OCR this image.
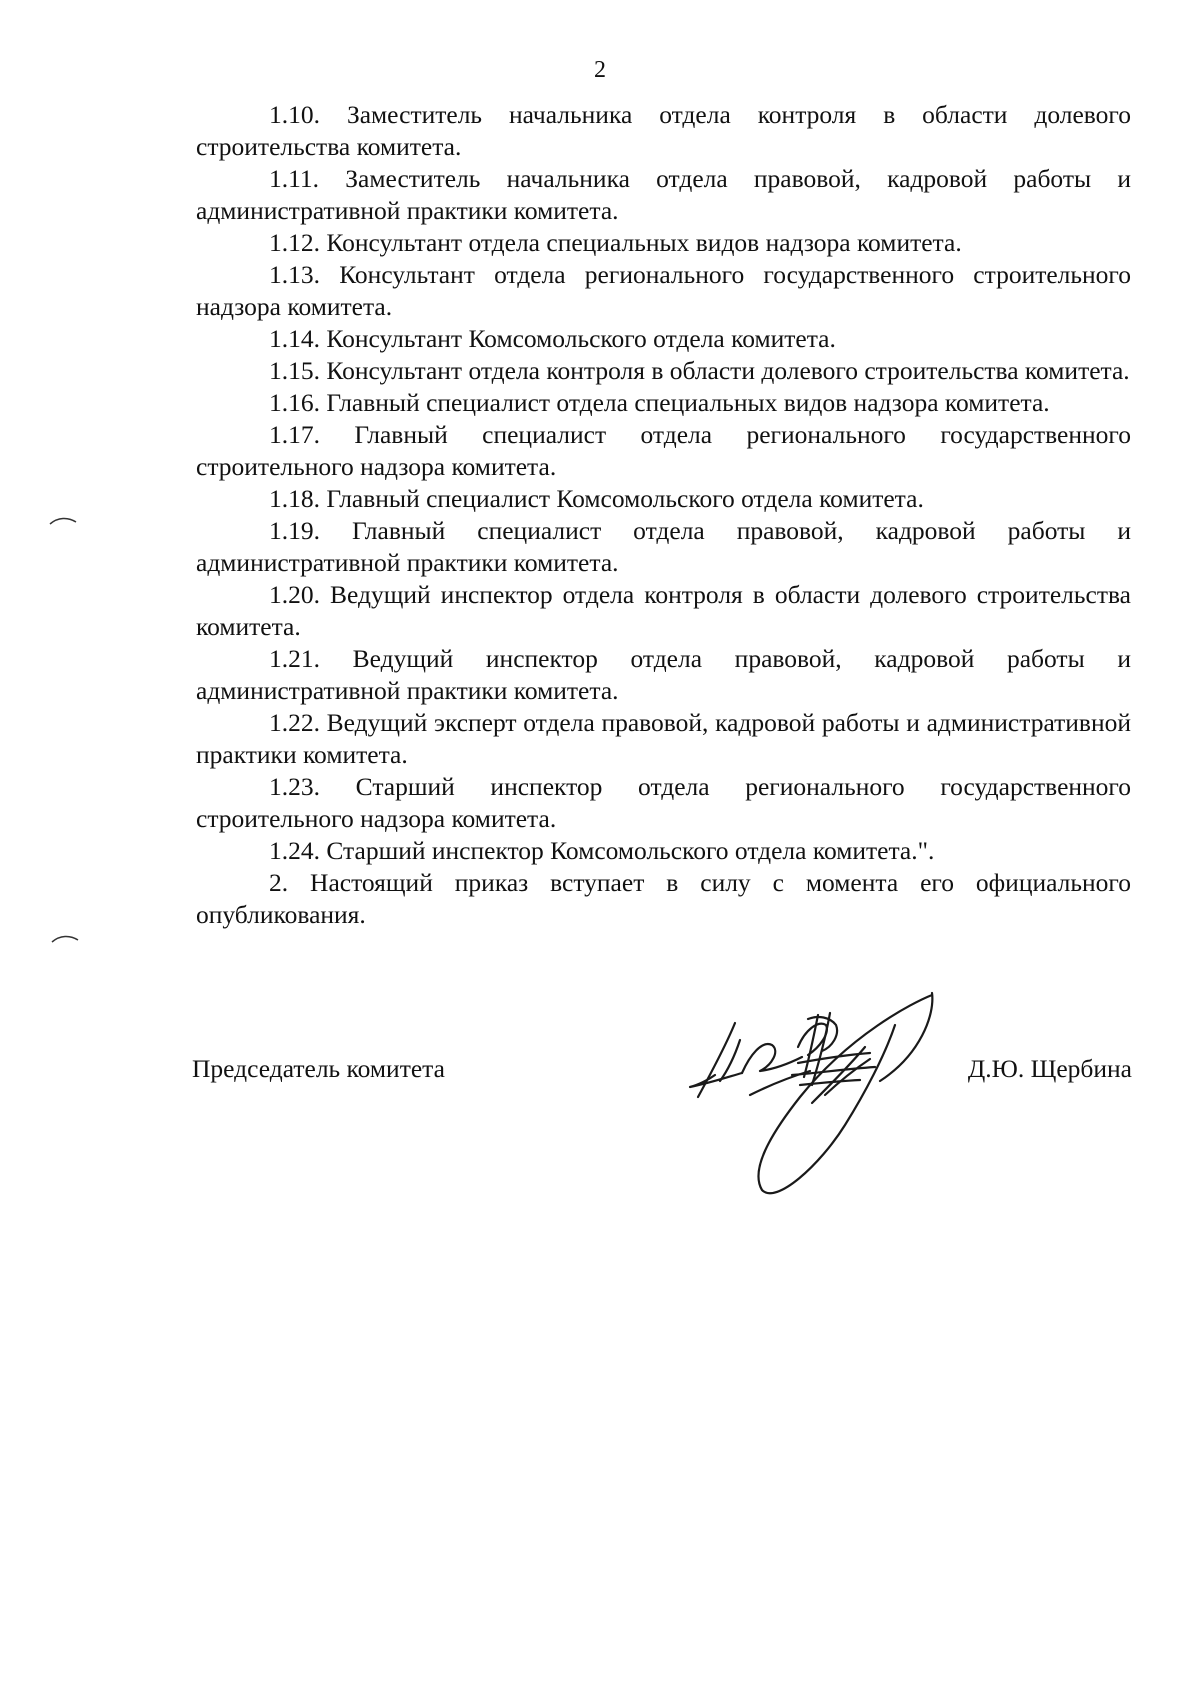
2

1.10. Заместитель начальника отдела контроля в области долевого строительства комитета.

1.11. Заместитель начальника отдела правовой, кадровой работы и административной практики комитета.

1.12. Консультант отдела специальных видов надзора комитета.

1.13. Консультант отдела регионального государственного строительного надзора комитета.

1.14. Консультант Комсомольского отдела комитета.

1.15. Консультант отдела контроля в области долевого строительства комитета.

1.16. Главный специалист отдела специальных видов надзора комитета.

1.17. Главный специалист отдела регионального государственного строительного надзора комитета.

1.18. Главный специалист Комсомольского отдела комитета.

1.19. Главный специалист отдела правовой, кадровой работы и административной практики комитета.

1.20. Ведущий инспектор отдела контроля в области долевого строительства комитета.

1.21. Ведущий инспектор отдела правовой, кадровой работы и административной практики комитета.

1.22. Ведущий эксперт отдела правовой, кадровой работы и административной практики комитета.

1.23. Старший инспектор отдела регионального государственного строительного надзора комитета.

1.24. Старший инспектор Комсомольского отдела комитета.".

2. Настоящий приказ вступает в силу с момента его официального опубликования.

Председатель комитета	Д.Ю. Щербина
